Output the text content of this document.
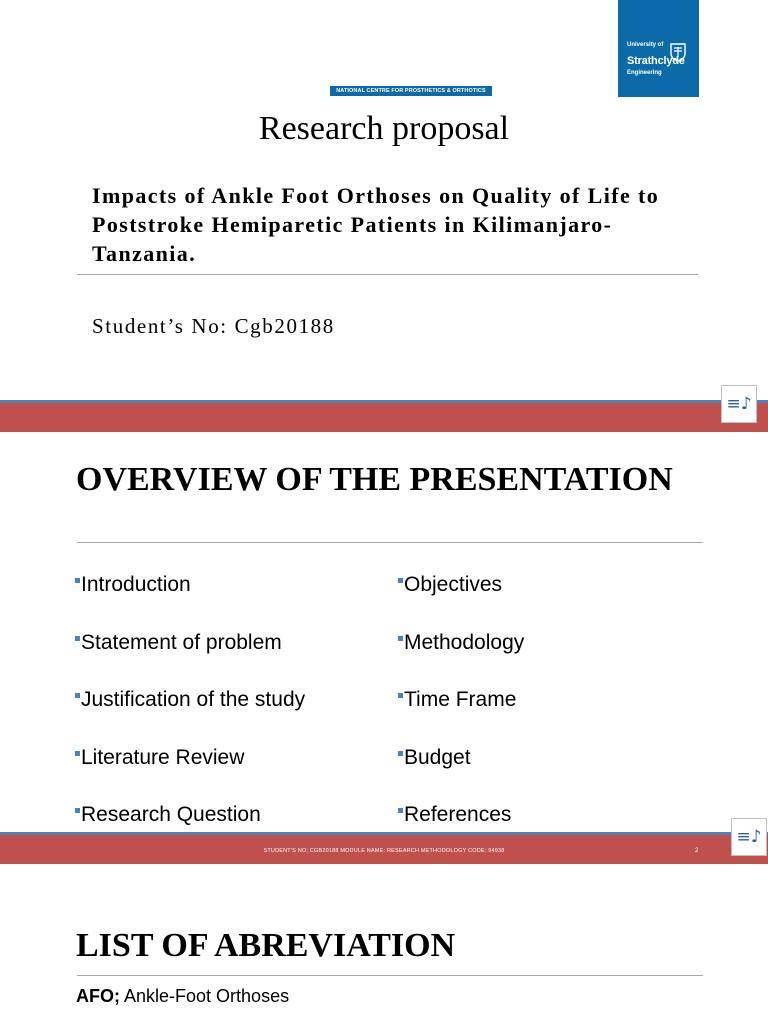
University of
Strathclyde
Engineering
NATIONAL CENTRE FOR PROSTHETICS & ORTHOTICS
Research proposal
Impacts of Ankle Foot Orthoses on Quality of Life to Poststroke Hemiparetic Patients in Kilimanjaro-Tanzania.
Student’s No: Cgb20188
≡♪
OVERVIEW OF THE PRESENTATION
Introduction
Statement of problem
Justification of the study
Literature Review
Research Question
Objectives
Methodology
Time Frame
Budget
References
STUDENT'S NO; CGB20188 MODULE NAME: RESEARCH METHODOLOGY CODE; 94938	2
≡♪
LIST OF ABREVIATION
AFO; Ankle-Foot Orthoses
